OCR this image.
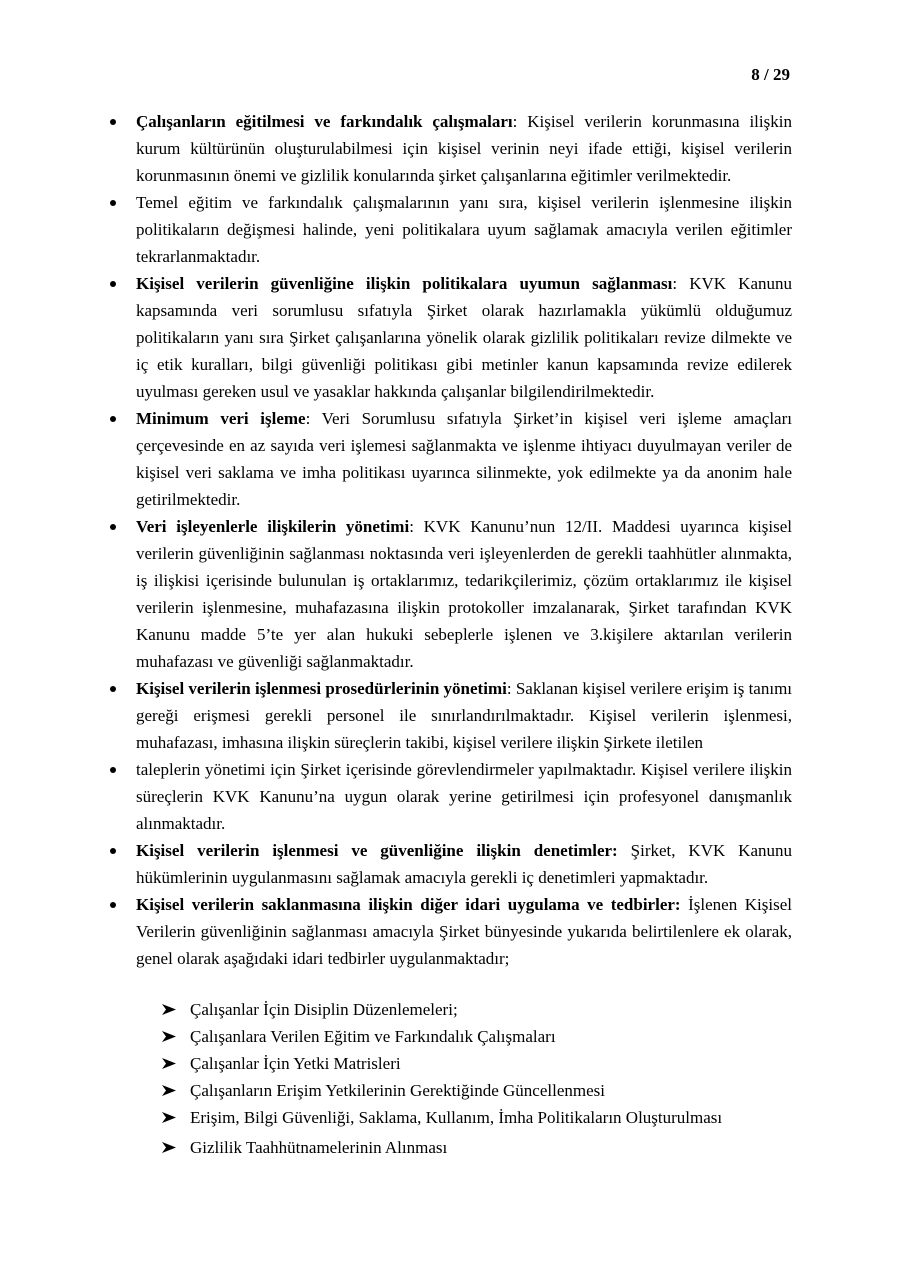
8 / 29
Çalışanların eğitilmesi ve farkındalık çalışmaları: Kişisel verilerin korunmasına ilişkin kurum kültürünün oluşturulabilmesi için kişisel verinin neyi ifade ettiği, kişisel verilerin korunmasının önemi ve gizlilik konularında şirket çalışanlarına eğitimler verilmektedir.
Temel eğitim ve farkındalık çalışmalarının yanı sıra, kişisel verilerin işlenmesine ilişkin politikaların değişmesi halinde, yeni politikalara uyum sağlamak amacıyla verilen eğitimler tekrarlanmaktadır.
Kişisel verilerin güvenliğine ilişkin politikalara uyumun sağlanması: KVK Kanunu kapsamında veri sorumlusu sıfatıyla Şirket olarak hazırlamakla yükümlü olduğumuz politikaların yanı sıra Şirket çalışanlarına yönelik olarak gizlilik politikaları revize dilmekte ve iç etik kuralları, bilgi güvenliği politikası gibi metinler kanun kapsamında revize edilerek uyulması gereken usul ve yasaklar hakkında çalışanlar bilgilendirilmektedir.
Minimum veri işleme: Veri Sorumlusu sıfatıyla Şirket’in kişisel veri işleme amaçları çerçevesinde en az sayıda veri işlemesi sağlanmakta ve işlenme ihtiyacı duyulmayan veriler de kişisel veri saklama ve imha politikası uyarınca silinmekte, yok edilmekte ya da anonim hale getirilmektedir.
Veri işleyenlerle ilişkilerin yönetimi: KVK Kanunu’nun 12/II. Maddesi uyarınca kişisel verilerin güvenliğinin sağlanması noktasında veri işleyenlerden de gerekli taahhütler alınmakta, iş ilişkisi içerisinde bulunulan iş ortaklarımız, tedarikçilerimiz, çözüm ortaklarımız ile kişisel verilerin işlenmesine, muhafazasına ilişkin protokoller imzalanarak, Şirket tarafından KVK Kanunu madde 5’te yer alan hukuki sebeplerle işlenen ve 3.kişilere aktarılan verilerin muhafazası ve güvenliği sağlanmaktadır.
Kişisel verilerin işlenmesi prosedürlerinin yönetimi: Saklanan kişisel verilere erişim iş tanımı gereği erişmesi gerekli personel ile sınırlandırılmaktadır. Kişisel verilerin işlenmesi, muhafazası, imhasına ilişkin süreçlerin takibi, kişisel verilere ilişkin Şirkete iletilen
taleplerin yönetimi için Şirket içerisinde görevlendirmeler yapılmaktadır. Kişisel verilere ilişkin süreçlerin KVK Kanunu’na uygun olarak yerine getirilmesi için profesyonel danışmanlık alınmaktadır.
Kişisel verilerin işlenmesi ve güvenliğine ilişkin denetimler: Şirket, KVK Kanunu hükümlerinin uygulanmasını sağlamak amacıyla gerekli iç denetimleri yapmaktadır.
Kişisel verilerin saklanmasına ilişkin diğer idari uygulama ve tedbirler: İşlenen Kişisel Verilerin güvenliğinin sağlanması amacıyla Şirket bünyesinde yukarıda belirtilenlere ek olarak, genel olarak aşağıdaki idari tedbirler uygulanmaktadır;
Çalışanlar İçin Disiplin Düzenlemeleri;
Çalışanlara Verilen Eğitim ve Farkındalık Çalışmaları
Çalışanlar İçin Yetki Matrisleri
Çalışanların Erişim Yetkilerinin Gerektiğinde Güncellenmesi
Erişim, Bilgi Güvenliği, Saklama, Kullanım, İmha Politikaların Oluşturulması
Gizlilik Taahhütnamelerinin Alınması
